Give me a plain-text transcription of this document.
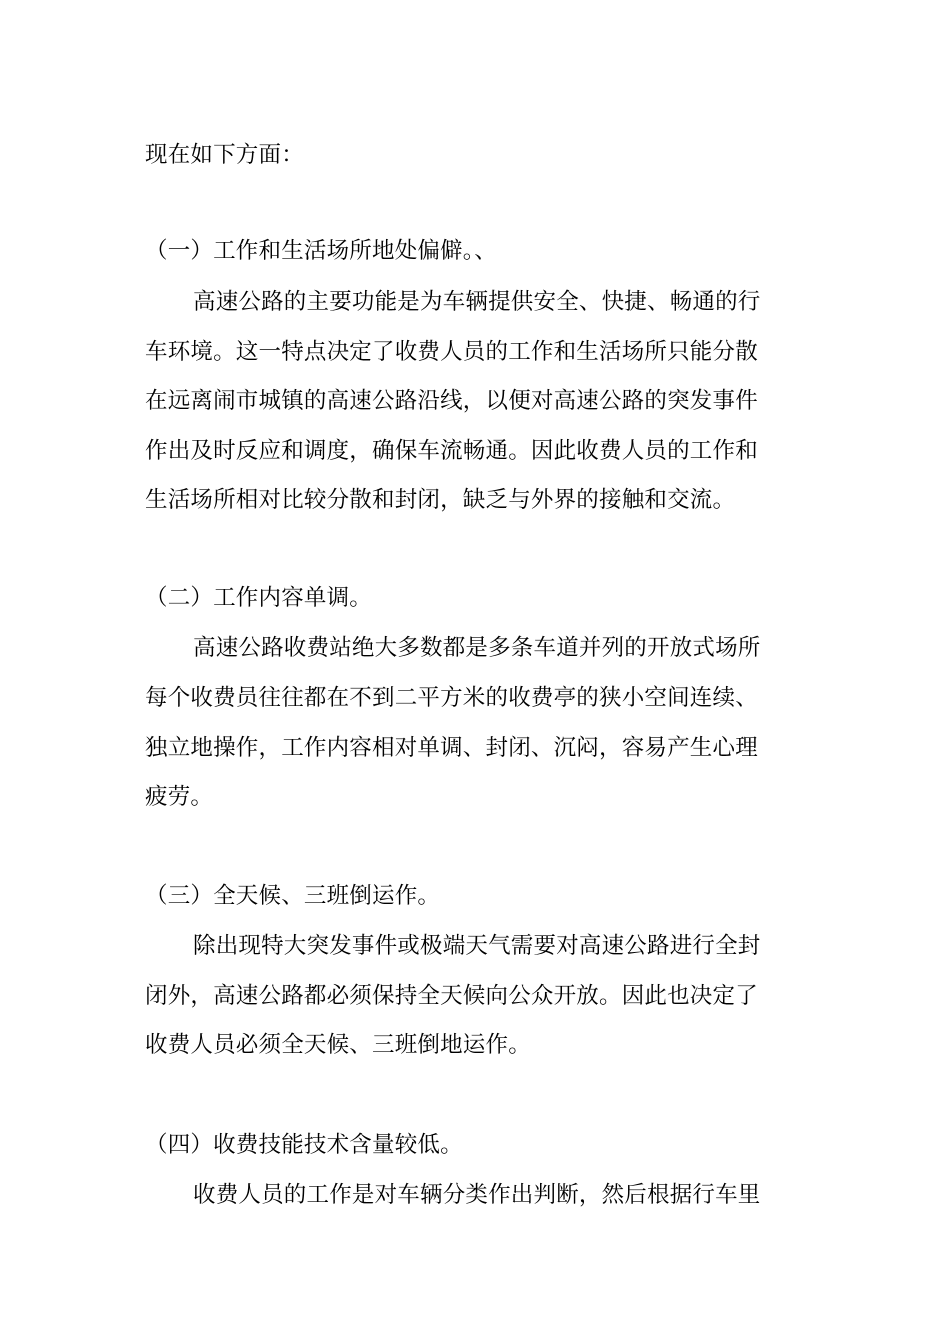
现在如下方面：
（一）工作和生活场所地处偏僻。、
高速公路的主要功能是为车辆提供安全、快捷、畅通的行
车环境。这一特点决定了收费人员的工作和生活场所只能分散
在远离闹市城镇的高速公路沿线，以便对高速公路的突发事件
作出及时反应和调度，确保车流畅通。因此收费人员的工作和
生活场所相对比较分散和封闭，缺乏与外界的接触和交流。
（二）工作内容单调。
高速公路收费站绝大多数都是多条车道并列的开放式场所
每个收费员往往都在不到二平方米的收费亭的狭小空间连续、
独立地操作，工作内容相对单调、封闭、沉闷，容易产生心理
疲劳。
（三）全天候、三班倒运作。
除出现特大突发事件或极端天气需要对高速公路进行全封
闭外，高速公路都必须保持全天候向公众开放。因此也决定了
收费人员必须全天候、三班倒地运作。
（四）收费技能技术含量较低。
收费人员的工作是对车辆分类作出判断，然后根据行车里
